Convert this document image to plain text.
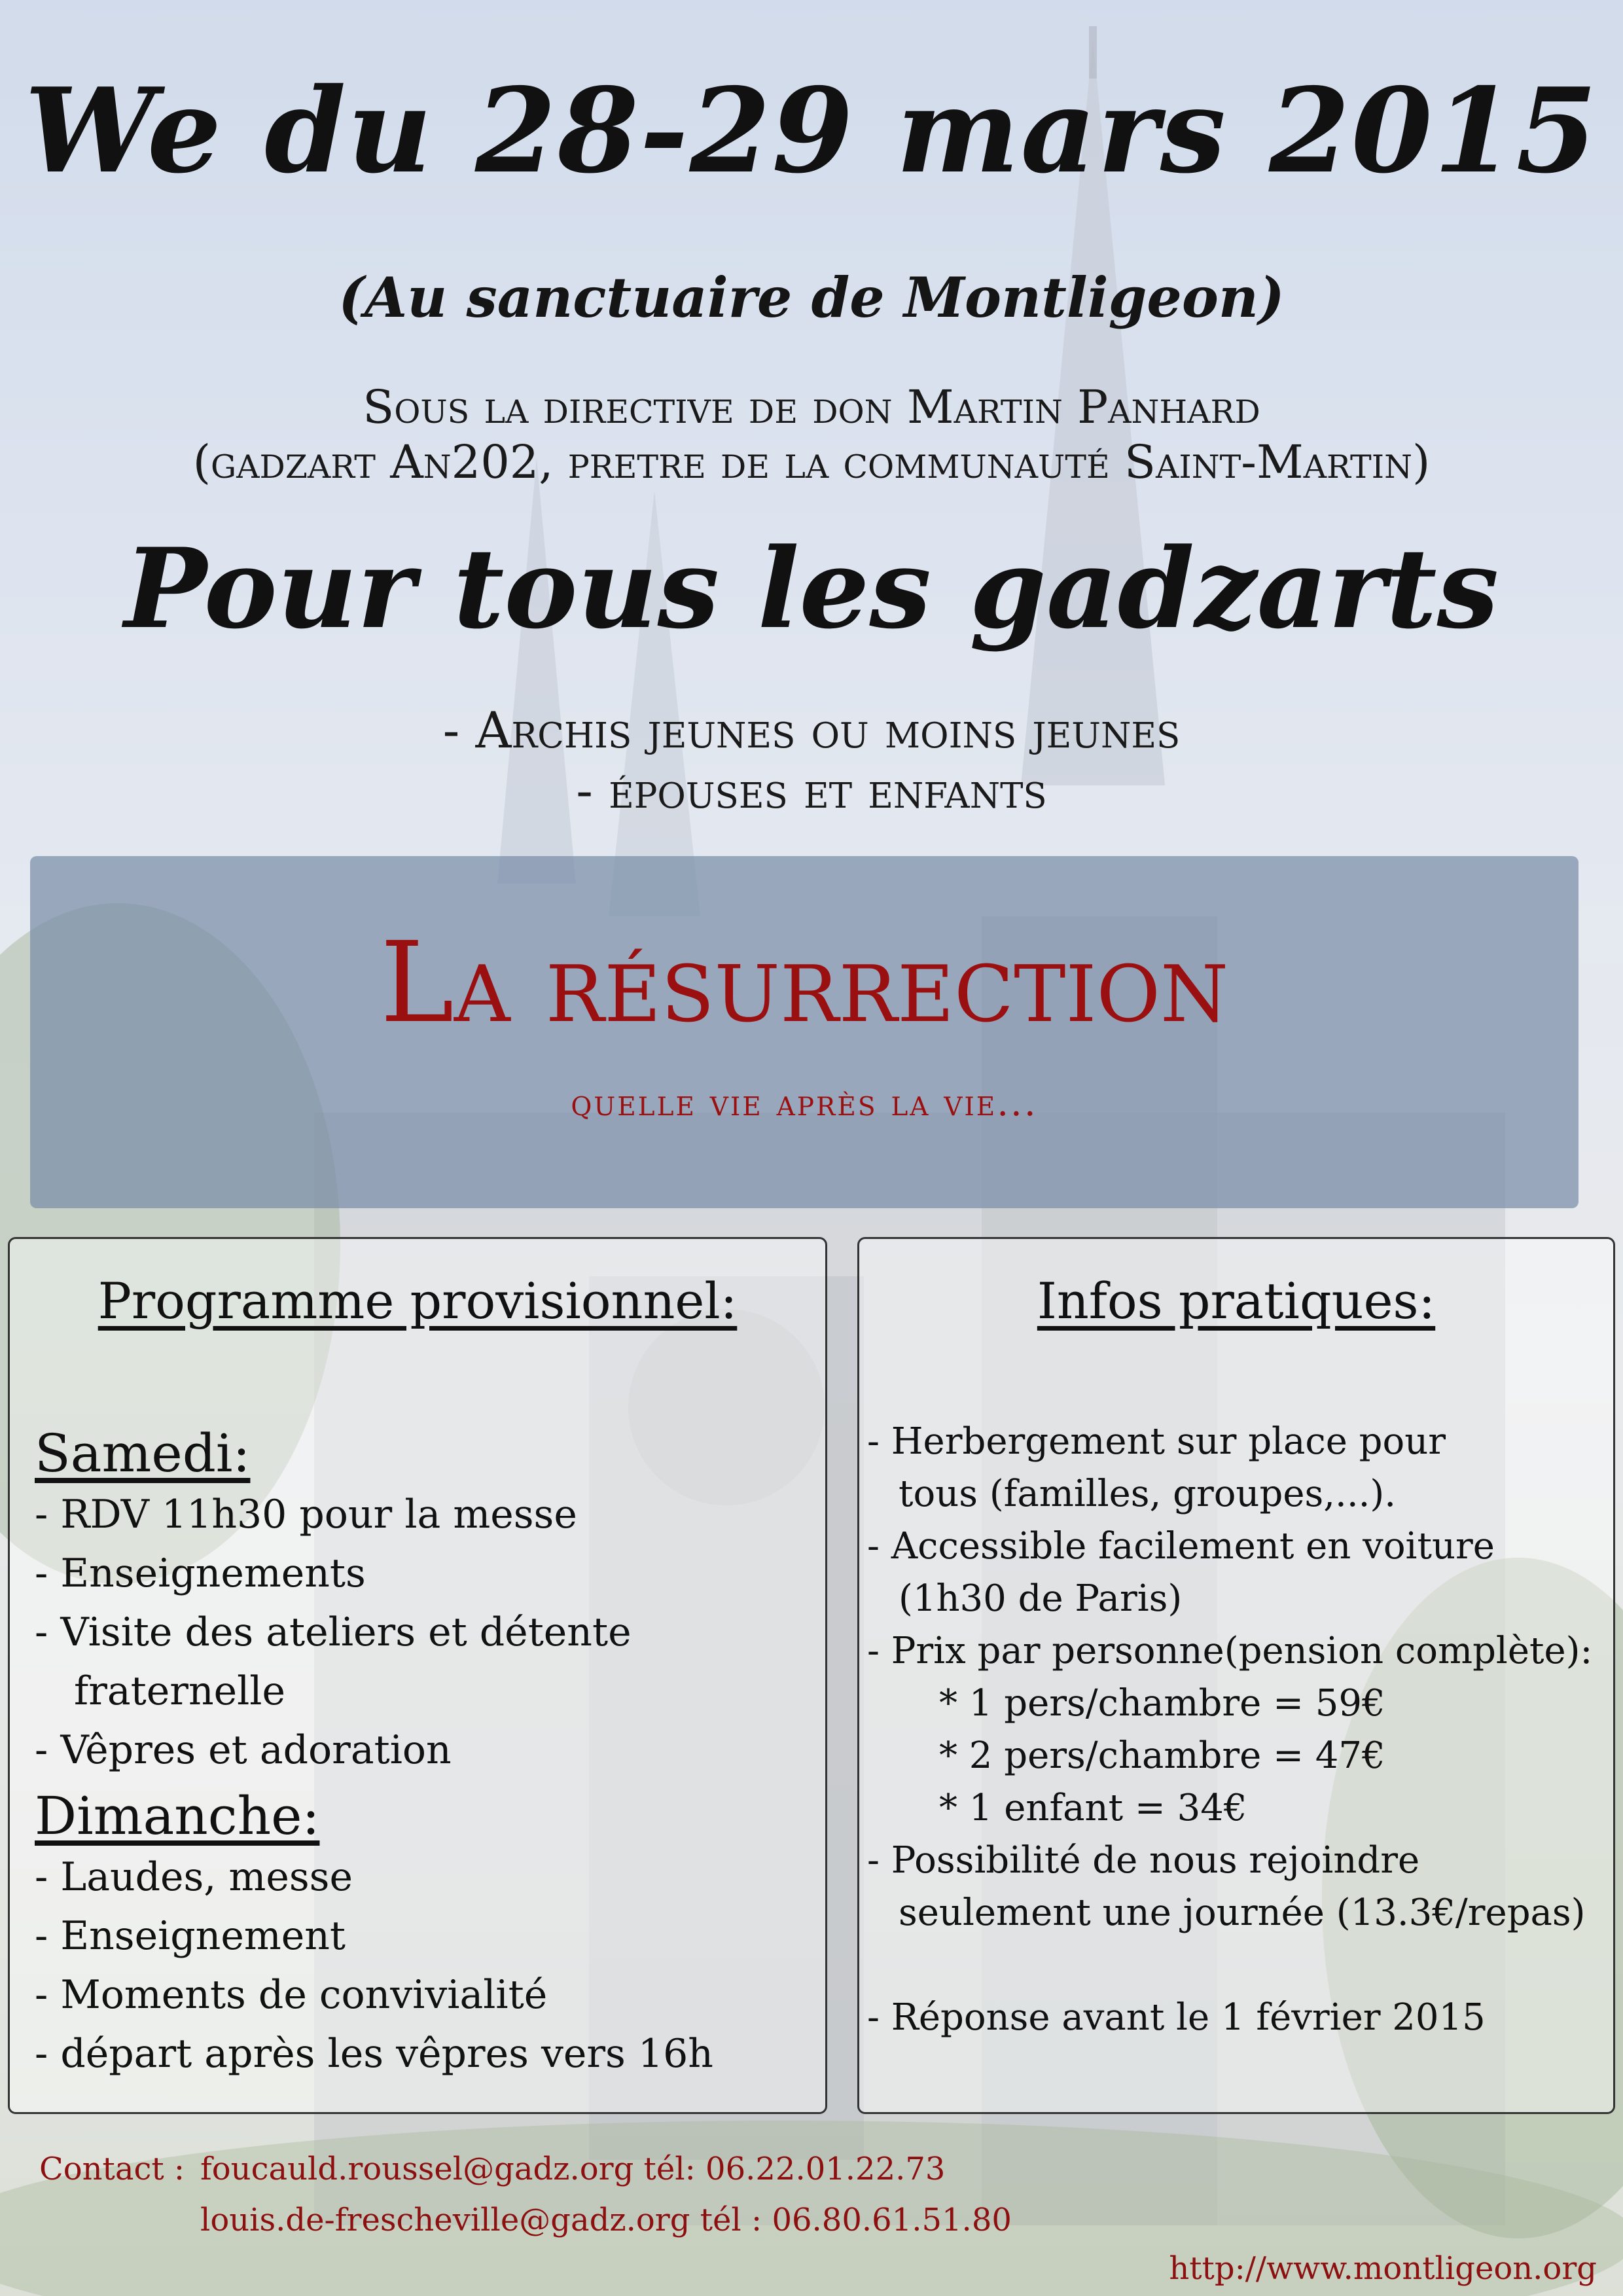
We du 28-29 mars 2015
(Au sanctuaire de Montligeon)
Sous la directive de don Martin Panhard
(gadzart An202, pretre de la communauté Saint-Martin)
Pour tous les gadzarts
- Archis jeunes ou moins jeunes
- épouses et enfants
La résurrection
quelle vie après la vie...
Programme provisionnel:

Samedi:

- RDV 11h30 pour la messe

- Enseignements

- Visite des ateliers et détente

fraternelle

- Vêpres et adoration

Dimanche:

- Laudes, messe

- Enseignement

- Moments de convivialité

- départ après les vêpres vers 16h

Infos pratiques:

- Herbergement sur place pour

tous (familles, groupes,...).

- Accessible facilement en voiture

(1h30 de Paris)

- Prix par personne(pension complète):

* 1 pers/chambre = 59€

* 2 pers/chambre = 47€

* 1 enfant = 34€

- Possibilité de nous rejoindre

seulement une journée (13.3€/repas)

- Réponse avant le 1 février 2015

Contact : foucauld.roussel@gadz.org tél: 06.22.01.22.73
louis.de-frescheville@gadz.org tél : 06.80.61.51.80
http://www.montligeon.org
